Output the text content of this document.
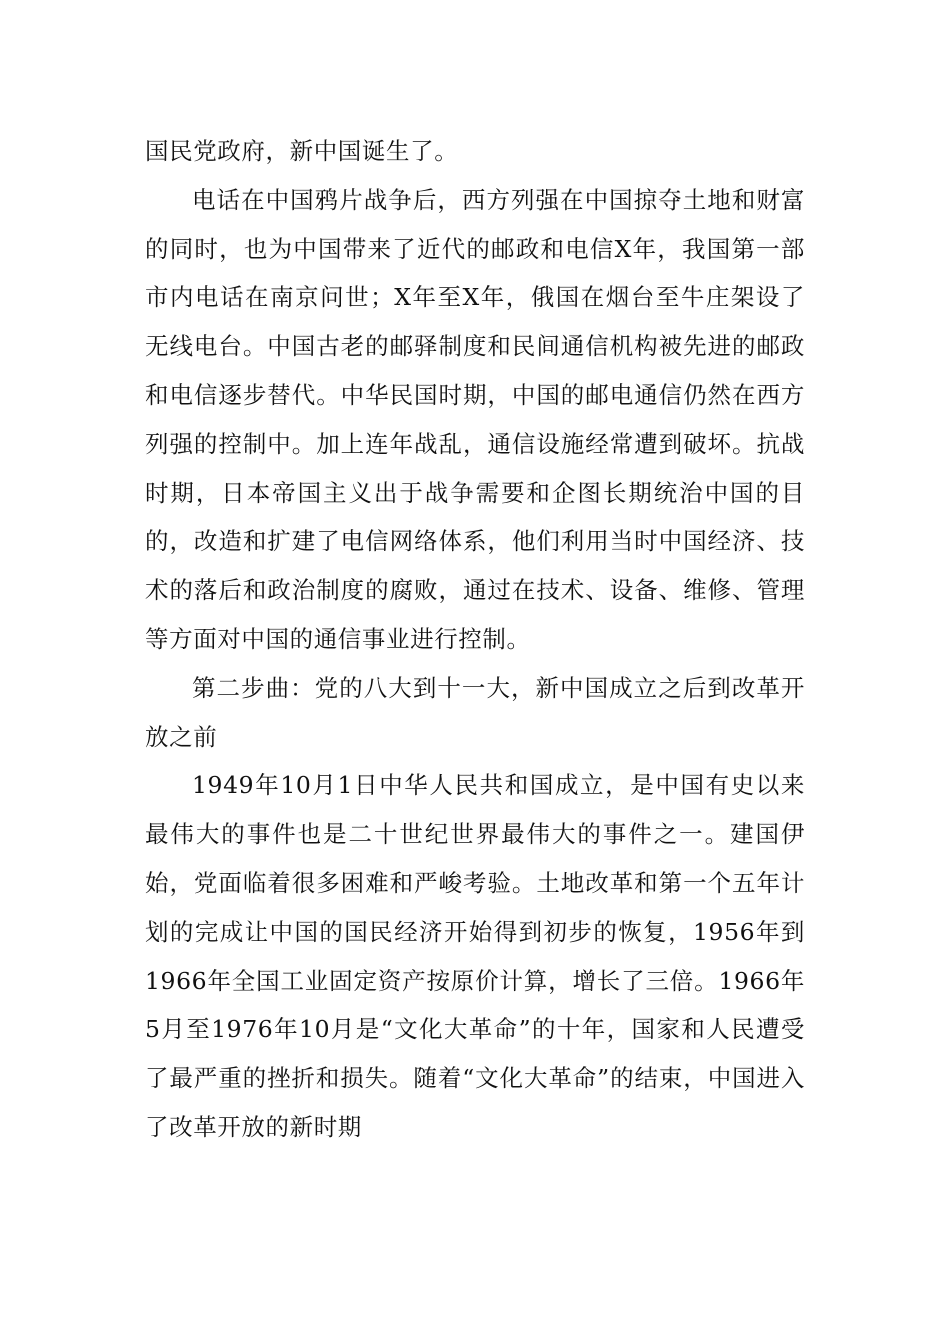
国民党政府，新中国诞生了。

电话在中国鸦片战争后，西方列强在中国掠夺土地和财富的同时，也为中国带来了近代的邮政和电信X年，我国第一部市内电话在南京问世；X年至X年，俄国在烟台至牛庄架设了无线电台。中国古老的邮驿制度和民间通信机构被先进的邮政和电信逐步替代。中华民国时期，中国的邮电通信仍然在西方列强的控制中。加上连年战乱，通信设施经常遭到破坏。抗战时期，日本帝国主义出于战争需要和企图长期统治中国的目的，改造和扩建了电信网络体系，他们利用当时中国经济、技术的落后和政治制度的腐败，通过在技术、设备、维修、管理等方面对中国的通信事业进行控制。

第二步曲：党的八大到十一大，新中国成立之后到改革开放之前

1949年10月1日中华人民共和国成立，是中国有史以来最伟大的事件也是二十世纪世界最伟大的事件之一。建国伊始，党面临着很多困难和严峻考验。土地改革和第一个五年计划的完成让中国的国民经济开始得到初步的恢复，1956年到1966年全国工业固定资产按原价计算，增长了三倍。1966年5月至1976年10月是“文化大革命”的十年，国家和人民遭受了最严重的挫折和损失。随着“文化大革命”的结束，中国进入了改革开放的新时期
